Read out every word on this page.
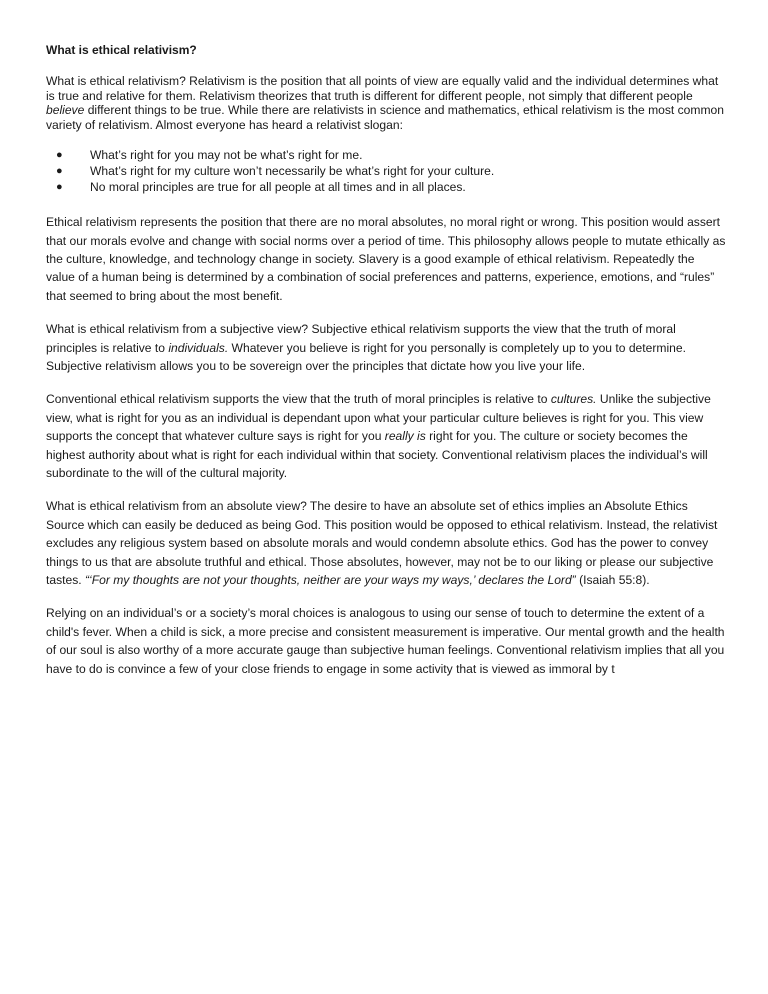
What is ethical relativism?

What is ethical relativism? Relativism is the position that all points of view are equally valid and the individual determines what is true and relative for them. Relativism theorizes that truth is different for different people, not simply that different people believe different things to be true. While there are relativists in science and mathematics, ethical relativism is the most common variety of relativism. Almost everyone has heard a relativist slogan:

● What’s right for you may not be what’s right for me.
● What’s right for my culture won’t necessarily be what’s right for your culture.
● No moral principles are true for all people at all times and in all places.

Ethical relativism represents the position that there are no moral absolutes, no moral right or wrong. This position would assert that our morals evolve and change with social norms over a period of time. This philosophy allows people to mutate ethically as the culture, knowledge, and technology change in society. Slavery is a good example of ethical relativism. Repeatedly the value of a human being is determined by a combination of social preferences and patterns, experience, emotions, and “rules” that seemed to bring about the most benefit.

What is ethical relativism from a subjective view? Subjective ethical relativism supports the view that the truth of moral principles is relative to individuals. Whatever you believe is right for you personally is completely up to you to determine. Subjective relativism allows you to be sovereign over the principles that dictate how you live your life.

Conventional ethical relativism supports the view that the truth of moral principles is relative to cultures. Unlike the subjective view, what is right for you as an individual is dependant upon what your particular culture believes is right for you. This view supports the concept that whatever culture says is right for you really is right for you. The culture or society becomes the highest authority about what is right for each individual within that society. Conventional relativism places the individual’s will subordinate to the will of the cultural majority.

What is ethical relativism from an absolute view? The desire to have an absolute set of ethics implies an Absolute Ethics Source which can easily be deduced as being God. This position would be opposed to ethical relativism. Instead, the relativist excludes any religious system based on absolute morals and would condemn absolute ethics. God has the power to convey things to us that are absolute truthful and ethical. Those absolutes, however, may not be to our liking or please our subjective tastes. “‘For my thoughts are not your thoughts, neither are your ways my ways,’ declares the Lord” (Isaiah 55:8).

Relying on an individual’s or a society’s moral choices is analogous to using our sense of touch to determine the extent of a child's fever. When a child is sick, a more precise and consistent measurement is imperative. Our mental growth and the health of our soul is also worthy of a more accurate gauge than subjective human feelings. Conventional relativism implies that all you have to do is convince a few of your close friends to engage in some activity that is viewed as immoral by t
